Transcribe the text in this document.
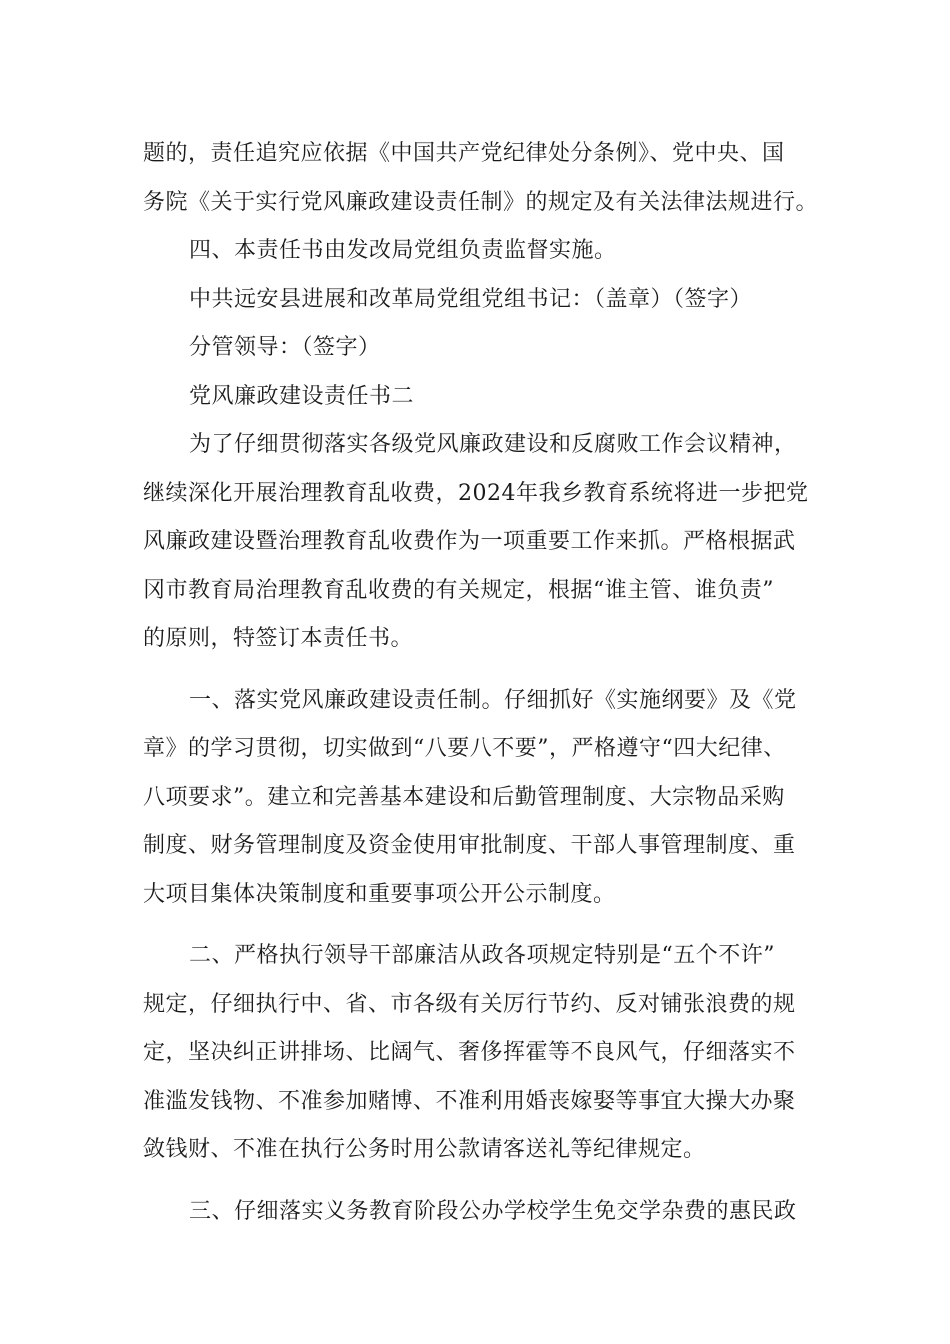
题的，责任追究应依据《中国共产党纪律处分条例》、党中央、国
务院《关于实行党风廉政建设责任制》的规定及有关法律法规进行。
四、本责任书由发改局党组负责监督实施。
中共远安县进展和改革局党组党组书记：（盖章）（签字）
分管领导：（签字）
党风廉政建设责任书二
为了仔细贯彻落实各级党风廉政建设和反腐败工作会议精神，
继续深化开展治理教育乱收费，2024年我乡教育系统将进一步把党
风廉政建设暨治理教育乱收费作为一项重要工作来抓。严格根据武
冈市教育局治理教育乱收费的有关规定，根据“谁主管、谁负责”
的原则，特签订本责任书。
一、落实党风廉政建设责任制。仔细抓好《实施纲要》及《党
章》的学习贯彻，切实做到“八要八不要”，严格遵守“四大纪律、
八项要求”。建立和完善基本建设和后勤管理制度、大宗物品采购
制度、财务管理制度及资金使用审批制度、干部人事管理制度、重
大项目集体决策制度和重要事项公开公示制度。
二、严格执行领导干部廉洁从政各项规定特别是“五个不许”
规定，仔细执行中、省、市各级有关厉行节约、反对铺张浪费的规
定，坚决纠正讲排场、比阔气、奢侈挥霍等不良风气，仔细落实不
准滥发钱物、不准参加赌博、不准利用婚丧嫁娶等事宜大操大办聚
敛钱财、不准在执行公务时用公款请客送礼等纪律规定。
三、仔细落实义务教育阶段公办学校学生免交学杂费的惠民政
